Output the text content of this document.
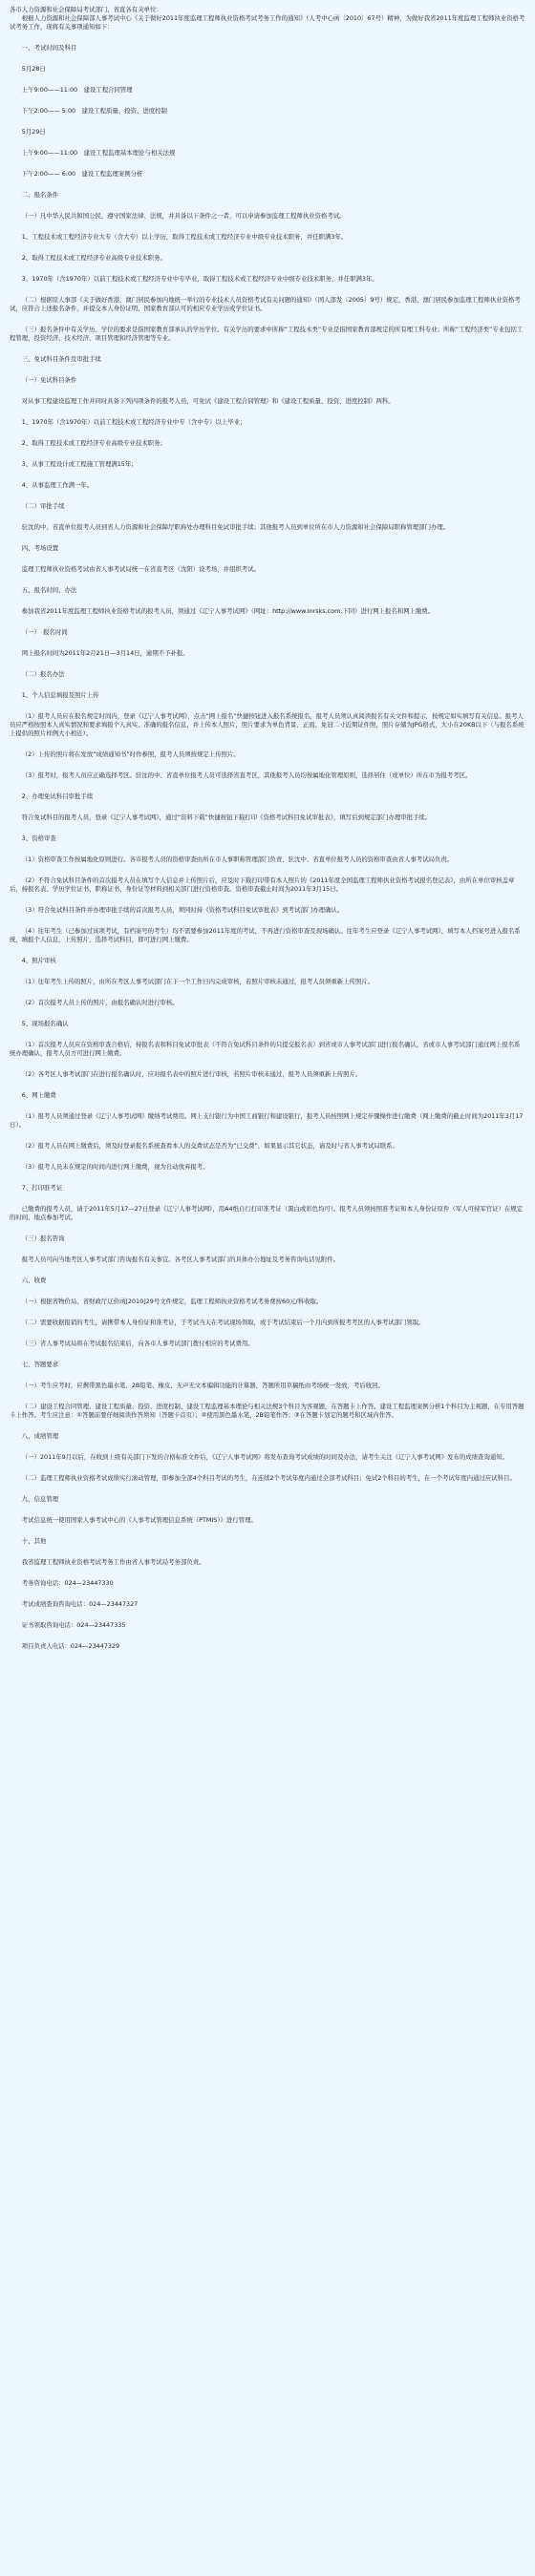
各市人力资源和社会保障局考试部门、省直各有关单位：

根据人力资源和社会保障部人事考试中心《关于做好2011年度监理工程师执业资格考试考务工作的通知》（人考中心函〔2010〕67号）精神，为做好我省2011年度监理工程师执业资格考试考务工作，现将有关事项通知如下：

一、考试时间及科目

5月28日

上午9:00——11:00　建设工程合同管理

下午2:00—— 5:00　建设工程质量、投资、进度控制

5月29日

上午9:00——11:00　建设工程监理基本理论与相关法规

下午2:00—— 6:00　建设工程监理案例分析

二、报名条件

（一）凡中华人民共和国公民，遵守国家法律、法规，并具备以下条件之一者，可以申请参加监理工程师执业资格考试。

1、工程技术或工程经济专业大专（含大专）以上学历，取得工程技术或工程经济专业中级专业技术职务，并任职满3年。

2、取得工程技术或工程经济专业高级专业技术职务。

3、1970年（含1970年）以前工程技术或工程经济专业中专毕业，取得工程技术或工程经济专业中级专业技术职务，并任职满3年。

（二）根据原人事部《关于做好香港、澳门居民参加内地统一举行的专业技术人员资格考试有关问题的通知》（国人部发〔2005〕9号）规定，香港、澳门居民参加监理工程师执业资格考试，应符合上述报名条件，并提交本人身份证明、国家教育部认可的相应专业学历或学位证书。

（三）报名条件中有关学历、学位的要求是指国家教育部承认的学历学位。有关学历的要求中所称“工程技术类”专业是指国家教育部规定的所有理工科专业；所称“工程经济类”专业包括工程管理、投资经济、技术经济、项目管理和经济管理等专业。

三、免试科目条件及审批手续

（一）免试科目条件

对从事工程建设监理工作并同时具备下列四项条件的报考人员，可免试《建设工程合同管理》和《建设工程质量、投资、进度控制》两科。

1、1970年（含1970年）以前工程技术或工程经济专业中专（含中专）以上毕业；

2、取得工程技术或工程经济专业高级专业技术职务；

3、从事工程设计或工程施工管理满15年；

4、从事监理工作满一年。

（二）审批手续

驻沈的中、省直单位报考人员到省人力资源和社会保障厅职称处办理科目免试审批手续；其他报考人员到单位所在市人力资源和社会保障局职称管理部门办理。

四、考场设置

监理工程师执业资格考试由省人事考试局统一在省直考区（沈阳）设考场，并组织考试。

五、报名时间、办法

参加我省2011年度监理工程师执业资格考试的报考人员，须通过《辽宁人事考试网》（网址：http://www.lnrsks.com,下同）进行网上报名和网上缴费。

（一）　报名时间

网上报名时间为2011年2月21日—3月14日，逾期不予补报。

（二）报名办法

1、个人信息填报及照片上传

（1）报考人员应在报名规定时间内，登录《辽宁人事考试网》，点击“网上报名”快捷按钮进入报名系统报名，报考人员须认真阅读报名有关文件和提示，按规定如实填写有关信息。报考人员应严格按照本人真实情况和要求填报个人真实、准确的报名信息，并上传本人照片，照片要求为单色背景、正面、免冠二寸近期证件照，照片存储为JPG格式，大小在20KB以下（与报名系统上提供的照片样例大小相近）。

（2）上传的照片将在发放“成绩通知书”时作参照，报考人员须按规定上传照片。

（3）报考时，报考人员应正确选择考区。驻沈的中、省直单位报考人员可选择省直考区，其他报考人员均按属地化管理原则，选择居住（或单位）所在市为报考考区。

2、办理免试科目审批手续

符合免试科目的报考人员，登录《辽宁人事考试网》，通过“资料下载”快捷按钮下载打印《资格考试科目免试审批表》，填写后到规定部门办理审批手续。

3、资格审查

（1）资格审查工作按属地化原则进行。各市报考人员的资格审查由所在市人事职称管理部门负责，驻沈中、省直单位报考人员的资格审查由省人事考试局负责。

（2）不符合免试科目条件的首次报考人员在填写个人信息并上传照片后，应及时下载打印带有本人照片的《2011年度全国监理工程师执业资格考试报名登记表》，由所在单位审核盖章后，持报名表、学历学位证书、职称证书、身份证等材料到相关部门进行资格审查。资格审查截止时间为2011年3月15日。

（3）符合免试科目条件并办理审批手续的首次报考人员，须同时持《资格考试科目免试审批表》到考试部门办理确认。

（4）往年考生（已参加过该项考试，有档案号的考生）均不需要参加2011年度的考试，不再进行资格审查及现场确认。往年考生应登录《辽宁人事考试网》，填写本人档案号进入报名系统，填报个人信息，上传照片，选择考试科目，即可进行网上缴费。

4、照片审核

（1）往年考生上传的照片，由所在考区人事考试部门在下一个工作日内完成审核，若照片审核未通过，报考人员须重新上传照片。

（2）首次报考人员上传的照片，由报名确认时进行审核。

5、现场报名确认

（1）首次报考人员应在资格审查合格后，持报名表和科目免试审批表（不符合免试科目条件的只提交报名表）到省或市人事考试部门进行报名确认，省或市人事考试部门通过网上报名系统办理确认，报考人员方可进行网上缴费。

（2）各考区人事考试部门在进行报名确认时，应对报名表中的照片进行审核，若照片审核未通过，报考人员须重新上传照片。

6、网上缴费

（1）报考人员须通过登录《辽宁人事考试网》缴纳考试费用。网上支付银行为中国工商银行和建设银行，报考人员按照网上规定步骤操作进行缴费（网上缴费的截止时间为2011年3月17日）。

（2）报考人员在网上缴费后，须及时登录报名系统查看本人的交费状态是否为“已交费”，如果显示其它状态，请及时与省人事考试局联系。

（3）报考人员未在规定的时间内进行网上缴费，视为自动放弃报考。

7、打印准考证

已缴费的报考人员，请于2011年5月17—27日登录《辽宁人事考试网》，用A4纸自行打印准考证（黑白或彩色均可）。报考人员须按照准考证和本人身份证原件（军人可持军官证）在规定的时间、地点参加考试。

（三）报名咨询

报考人员可向当地考区人事考试部门咨询报名有关事宜。各考区人事考试部门的具体办公地址及考务咨询电话见附件。

六、收费

（一）根据省物价局、省财政厅辽价函[2010]29号文件规定，监理工程师执业资格考试考务费按60元/科收取。

（二）需要收据报销的考生，请携带本人身份证和准考证，于考试当天在考试现场领取，或于考试结束后一个月内到所报考考区的人事考试部门领取。

（三）省人事考试局将在考试报名结束后，向各市人事考试部门拨付相应的考试费用。

七、答题要求

（一）考生应考时，应携带黑色墨水笔、2B铅笔、橡皮、无声无文本编辑功能的计算器，答题所用草稿纸由考场统一发放，考后收回。

（二）建设工程合同管理、建设工程质量、投资、进度控制、建设工程监理基本理论与相关法规3个科目为客观题，在答题卡上作答。建设工程监理案例分析1个科目为主观题，在专用答题卡上作答。考生应注意：①答题前要仔细阅读作答须知（答题卡首页）；②使用黑色墨水笔、2B铅笔作答；③在答题卡划定的题号和区域内作答。

八、成绩管理

（一）2011年9月以后，在收到上级有关部门下发的合格标准文件后，《辽宁人事考试网》将发布查询考试成绩的时间及办法，请考生关注《辽宁人事考试网》发布的成绩查询通知。

（二）监理工程师执业资格考试成绩实行滚动管理，即参加全部4个科目考试的考生，在连续2个考试年度内通过全部考试科目；免试2个科目的考生，在一个考试年度内通过应试科目。

九、信息管理

考试信息统一使用国家人事考试中心的《人事考试管理信息系统（PTMIS）》进行管理。

十、其他

我省监理工程师执业资格考试考务工作由省人事考试局考务部负责。

考务咨询电话：024—23447330

考试成绩查询咨询电话：024—23447327

证书领取咨询电话：024—23447335

项目负责人电话：024—23447329
